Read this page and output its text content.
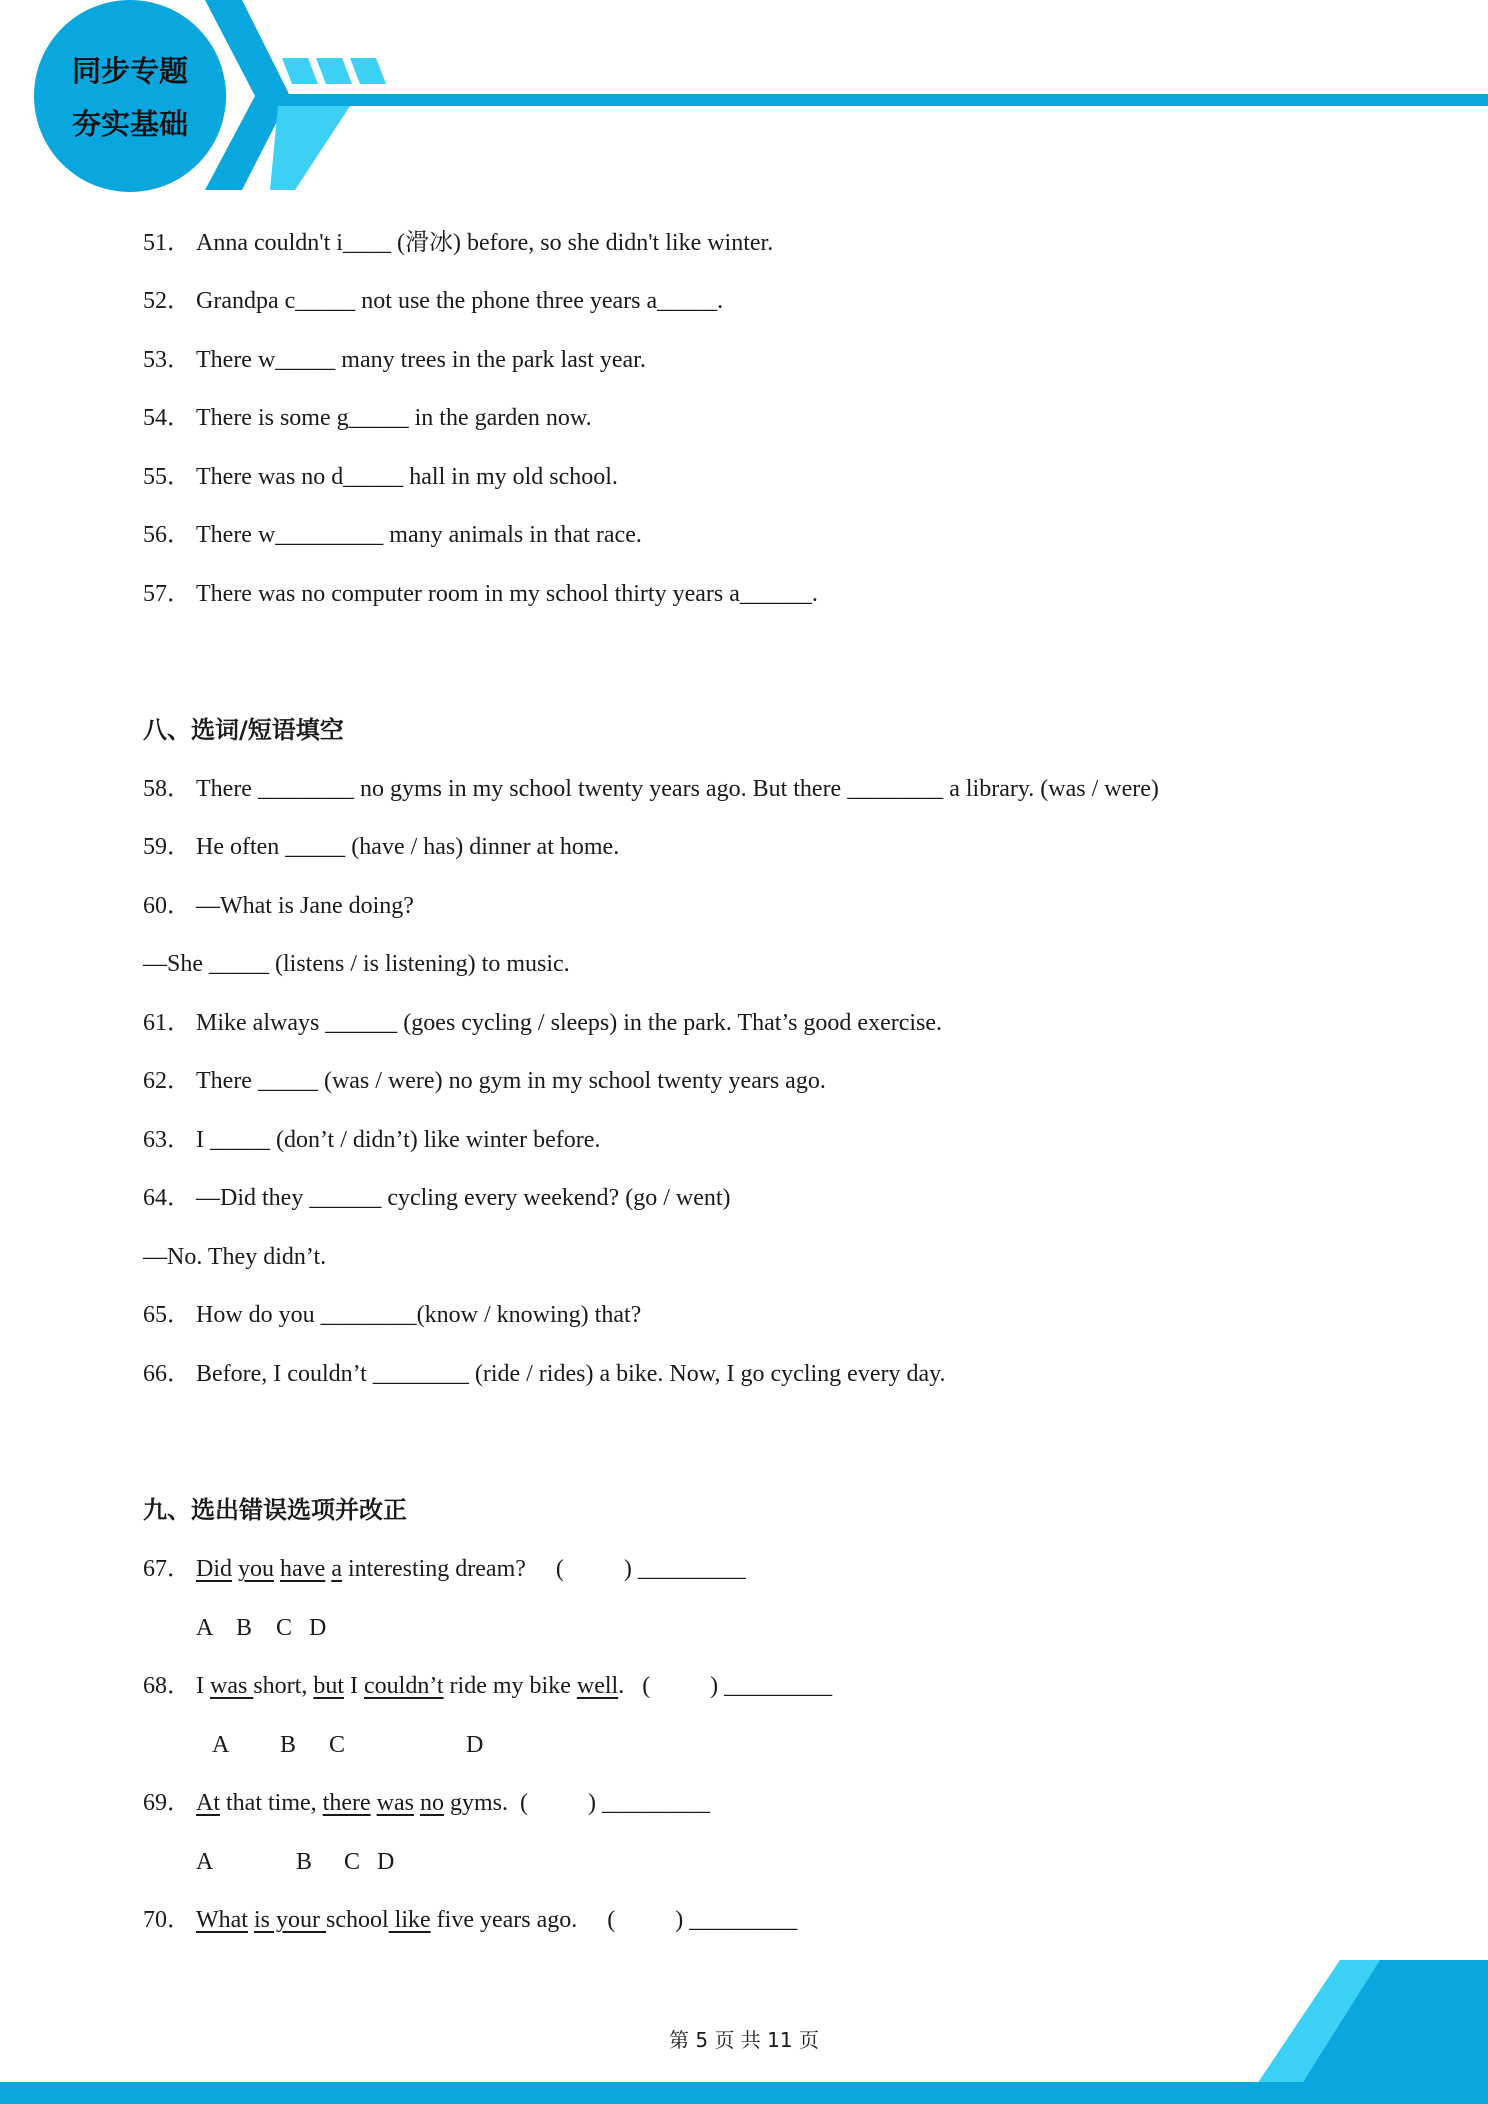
同步专题
夯实基础
51． Anna couldn't i____ (滑冰) before, so she didn't like winter.
52． Grandpa c_____ not use the phone three years a_____.
53． There w_____ many trees in the park last year.
54． There is some g_____ in the garden now.
55． There was no d_____ hall in my old school.
56． There w_________ many animals in that race.
57． There was no computer room in my school thirty years a______.
八、选词/短语填空
58． There ________ no gyms in my school twenty years ago. But there ________ a library. (was / were)
59． He often _____ (have / has) dinner at home.
60． —What is Jane doing?
—She _____ (listens / is listening) to music.
61． Mike always ______ (goes cycling / sleeps) in the park. That’s good exercise.
62． There _____ (was / were) no gym in my school twenty years ago.
63． I _____ (don’t / didn’t) like winter before.
64． —Did they ______ cycling every weekend? (go / went)
—No. They didn’t.
65． How do you ________(know / knowing) that?
66． Before, I couldn’t ________ (ride / rides) a bike. Now, I go cycling every day.
九、选出错误选项并改正
67． Did you have a interesting dream? (          ) _________
A B C D
68． I was short, but I couldn’t ride my bike well. (          ) _________
A B C	D
69． At that time, there was no gyms. (          ) _________
A	B C D
70． What is your school like five years ago. (          ) _________
第 5 页 共 11 页
